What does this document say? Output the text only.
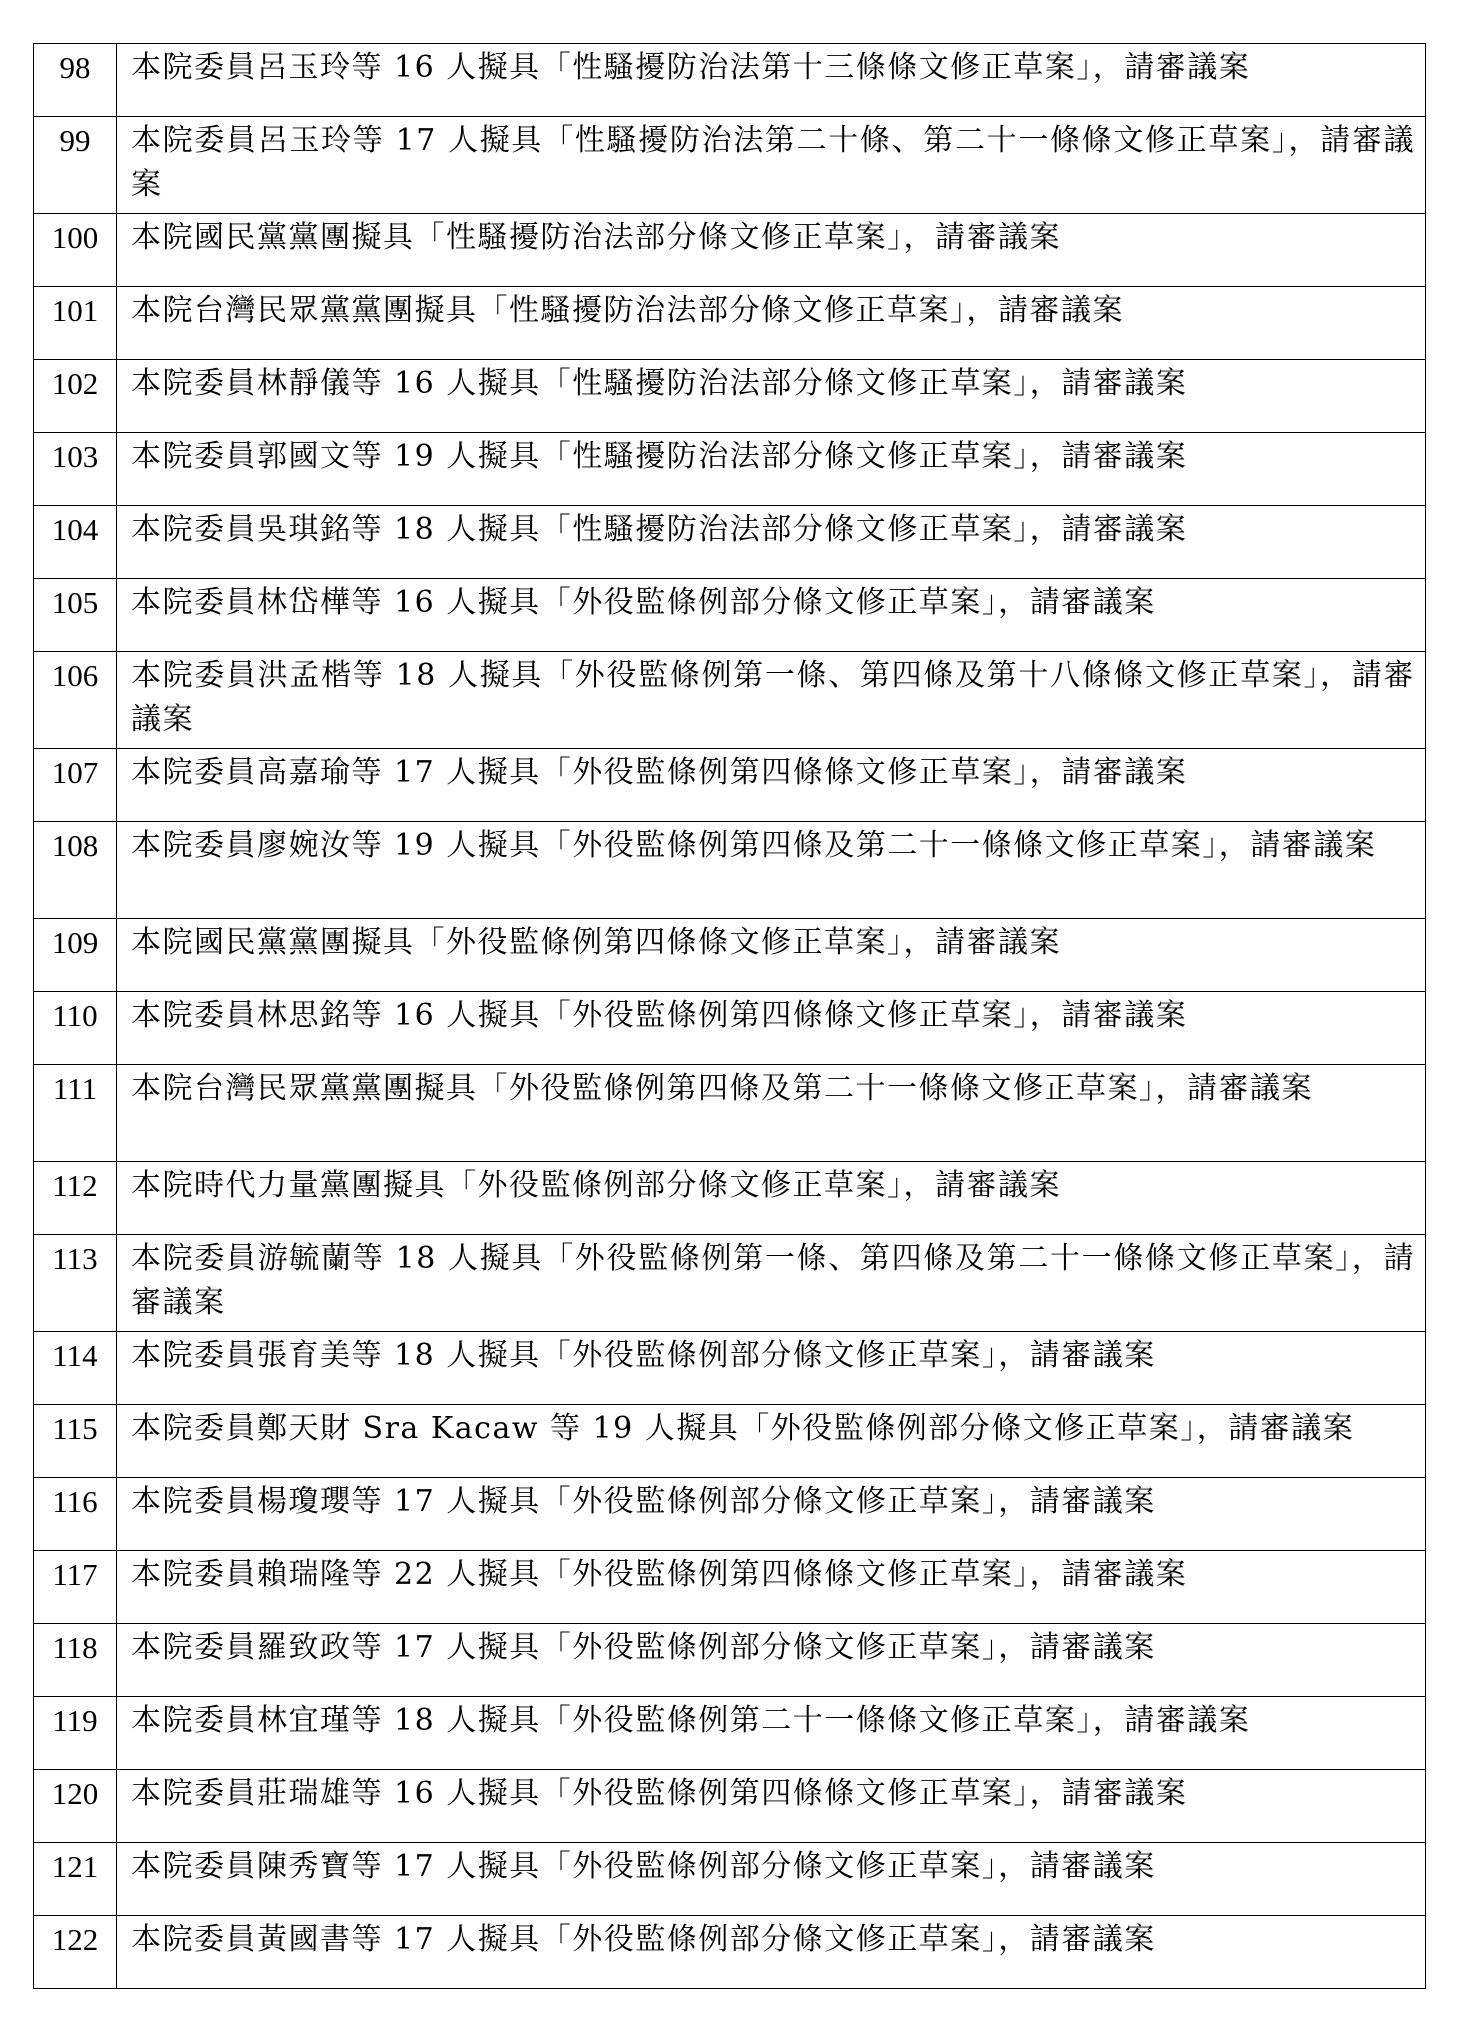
98	本院委員呂玉玲等 16 人擬具「性騷擾防治法第十三條條文修正草案」，請審議案
99	本院委員呂玉玲等 17 人擬具「性騷擾防治法第二十條、第二十一條條文修正草案」，請審議案
100	本院國民黨黨團擬具「性騷擾防治法部分條文修正草案」，請審議案
101	本院台灣民眾黨黨團擬具「性騷擾防治法部分條文修正草案」，請審議案
102	本院委員林靜儀等 16 人擬具「性騷擾防治法部分條文修正草案」，請審議案
103	本院委員郭國文等 19 人擬具「性騷擾防治法部分條文修正草案」，請審議案
104	本院委員吳琪銘等 18 人擬具「性騷擾防治法部分條文修正草案」，請審議案
105	本院委員林岱樺等 16 人擬具「外役監條例部分條文修正草案」，請審議案
106	本院委員洪孟楷等 18 人擬具「外役監條例第一條、第四條及第十八條條文修正草案」，請審議案
107	本院委員高嘉瑜等 17 人擬具「外役監條例第四條條文修正草案」，請審議案
108	本院委員廖婉汝等 19 人擬具「外役監條例第四條及第二十一條條文修正草案」，請審議案
109	本院國民黨黨團擬具「外役監條例第四條條文修正草案」，請審議案
110	本院委員林思銘等 16 人擬具「外役監條例第四條條文修正草案」，請審議案
111	本院台灣民眾黨黨團擬具「外役監條例第四條及第二十一條條文修正草案」，請審議案
112	本院時代力量黨團擬具「外役監條例部分條文修正草案」，請審議案
113	本院委員游毓蘭等 18 人擬具「外役監條例第一條、第四條及第二十一條條文修正草案」，請審議案
114	本院委員張育美等 18 人擬具「外役監條例部分條文修正草案」，請審議案
115	本院委員鄭天財 Sra Kacaw 等 19 人擬具「外役監條例部分條文修正草案」，請審議案
116	本院委員楊瓊瓔等 17 人擬具「外役監條例部分條文修正草案」，請審議案
117	本院委員賴瑞隆等 22 人擬具「外役監條例第四條條文修正草案」，請審議案
118	本院委員羅致政等 17 人擬具「外役監條例部分條文修正草案」，請審議案
119	本院委員林宜瑾等 18 人擬具「外役監條例第二十一條條文修正草案」，請審議案
120	本院委員莊瑞雄等 16 人擬具「外役監條例第四條條文修正草案」，請審議案
121	本院委員陳秀寶等 17 人擬具「外役監條例部分條文修正草案」，請審議案
122	本院委員黃國書等 17 人擬具「外役監條例部分條文修正草案」，請審議案
